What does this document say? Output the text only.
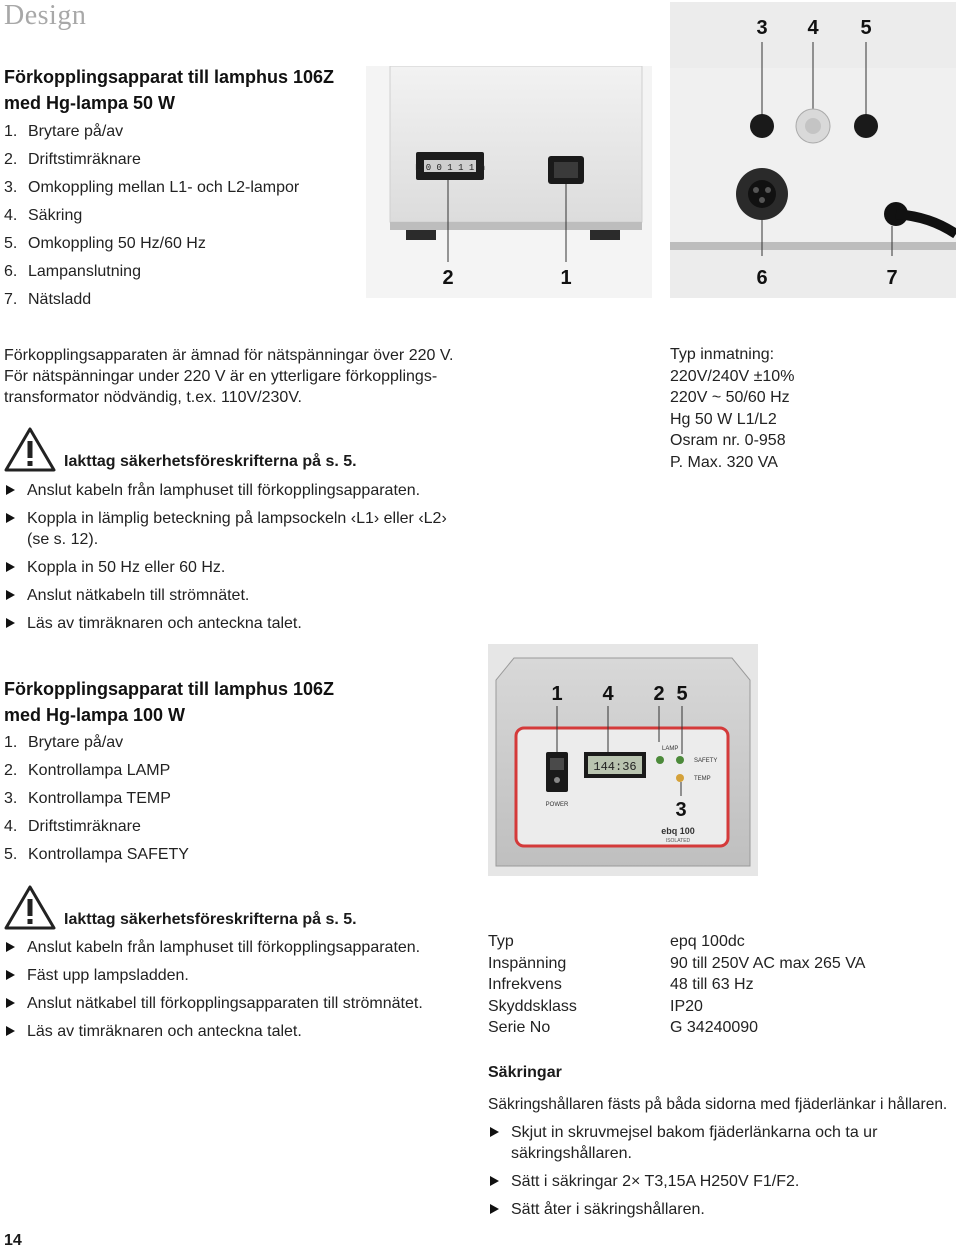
Design

Förkopplingsapparat till lamphus 106Z

med Hg-lampa 50 W

1. Brytare på/av
2. Driftstimräknare
3. Omkoppling mellan L1- och L2-lampor
4. Säkring
5. Omkoppling 50 Hz/60 Hz
6. Lampanslutning
7. Nätsladd
L 0 0 1 1 1 h
2	1
3 4 5
6	7

Förkopplingsapparaten är ämnad för nätspänningar över 220 V.

För nätspänningar under 220 V är en ytterligare förkopplings-

transformator nödvändig, t.ex. 110V/230V.

Iakttag säkerhetsföreskrifterna på s. 5.
Anslut kabeln från lamphuset till förkopplingsapparaten.
Koppla in lämplig beteckning på lampsockeln ‹L1› eller ‹L2› (se s. 12).
Koppla in 50 Hz eller 60 Hz.
Anslut nätkabeln till strömnätet.
Läs av timräknaren och anteckna talet.
Typ inmatning:
220V/240V ±10%
220V ~ 50/60 Hz
Hg 50 W L1/L2
Osram nr. 0-958
P. Max. 320 VA

Förkopplingsapparat till lamphus 106Z

med Hg-lampa 100 W

1. Brytare på/av
2. Kontrollampa LAMP
3. Kontrollampa TEMP
4. Driftstimräknare
5. Kontrollampa SAFETY
POWER
144:36
LAMP
SAFETY
TEMP
ebq 100
ISOLATED
1 4 2 5
3
Iakttag säkerhetsföreskrifterna på s. 5.
Anslut kabeln från lamphuset till förkopplingsapparaten.
Fäst upp lampsladden.
Anslut nätkabel till förkopplingsapparaten till strömnätet.
Läs av timräknaren och anteckna talet.
Typ	epq 100dc
Inspänning	90 till 250V AC max 265 VA
Infrekvens	48 till 63 Hz
Skyddsklass	IP20
Serie No	G 34240090
Säkringar

Säkringshållaren fästs på båda sidorna med fjäderlänkar i hållaren.

Skjut in skruvmejsel bakom fjäderlänkarna och ta ur säkringshållaren.
Sätt i säkringar 2× T3,15A H250V F1/F2.
Sätt åter i säkringshållaren.
14
